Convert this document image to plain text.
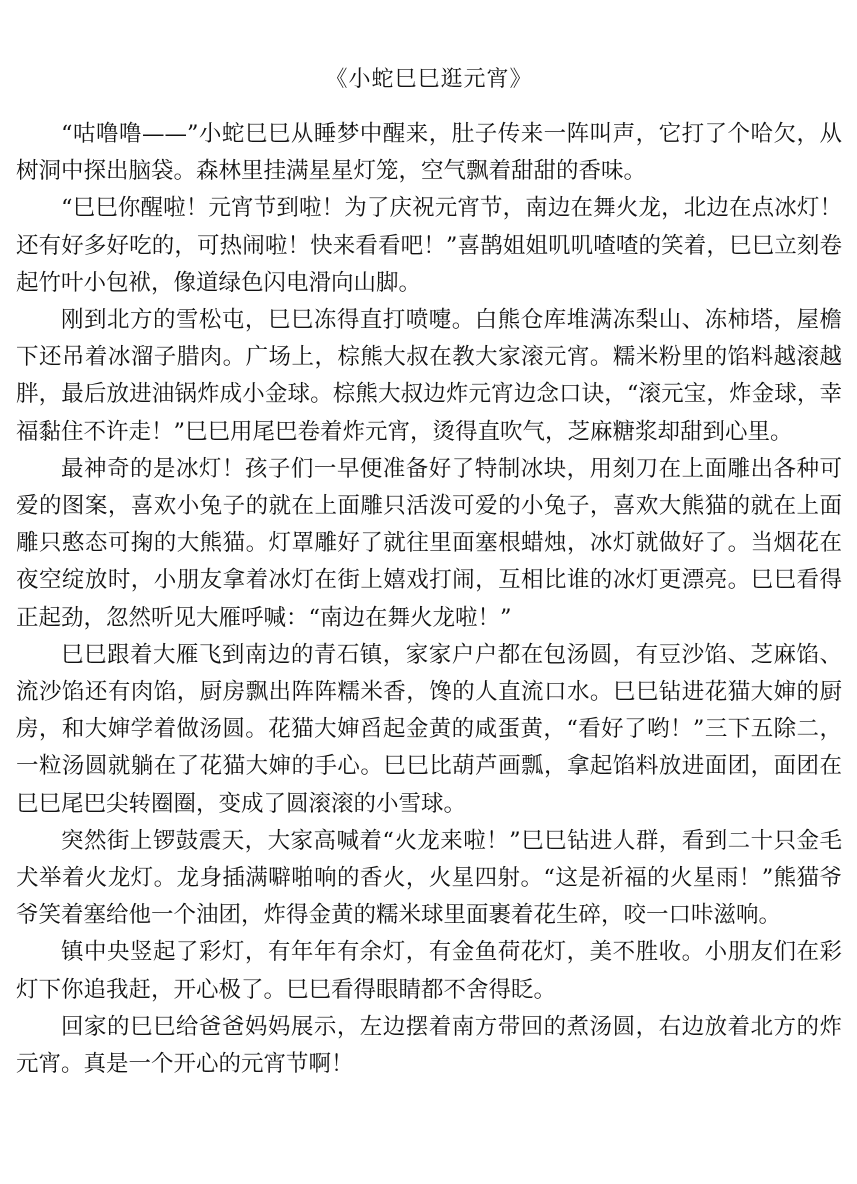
《小蛇巳巳逛元宵》

“咕噜噜——”小蛇巳巳从睡梦中醒来，肚子传来一阵叫声，它打了个哈欠，从树洞中探出脑袋。森林里挂满星星灯笼，空气飘着甜甜的香味。

“巳巳你醒啦！元宵节到啦！为了庆祝元宵节，南边在舞火龙，北边在点冰灯！还有好多好吃的，可热闹啦！快来看看吧！”喜鹊姐姐叽叽喳喳的笑着，巳巳立刻卷起竹叶小包袱，像道绿色闪电滑向山脚。

刚到北方的雪松屯，巳巳冻得直打喷嚏。白熊仓库堆满冻梨山、冻柿塔，屋檐下还吊着冰溜子腊肉。广场上，棕熊大叔在教大家滚元宵。糯米粉里的馅料越滚越胖，最后放进油锅炸成小金球。棕熊大叔边炸元宵边念口诀，“滚元宝，炸金球，幸福黏住不许走！”巳巳用尾巴卷着炸元宵，烫得直吹气，芝麻糖浆却甜到心里。

最神奇的是冰灯！孩子们一早便准备好了特制冰块，用刻刀在上面雕出各种可爱的图案，喜欢小兔子的就在上面雕只活泼可爱的小兔子，喜欢大熊猫的就在上面雕只憨态可掬的大熊猫。灯罩雕好了就往里面塞根蜡烛，冰灯就做好了。当烟花在夜空绽放时，小朋友拿着冰灯在街上嬉戏打闹，互相比谁的冰灯更漂亮。巳巳看得正起劲，忽然听见大雁呼喊：“南边在舞火龙啦！”

巳巳跟着大雁飞到南边的青石镇，家家户户都在包汤圆，有豆沙馅、芝麻馅、流沙馅还有肉馅，厨房飘出阵阵糯米香，馋的人直流口水。巳巳钻进花猫大婶的厨房，和大婶学着做汤圆。花猫大婶舀起金黄的咸蛋黄，“看好了哟！”三下五除二，一粒汤圆就躺在了花猫大婶的手心。巳巳比葫芦画瓢，拿起馅料放进面团，面团在巳巳尾巴尖转圈圈，变成了圆滚滚的小雪球。

突然街上锣鼓震天，大家高喊着“火龙来啦！”巳巳钻进人群，看到二十只金毛犬举着火龙灯。龙身插满噼啪响的香火，火星四射。“这是祈福的火星雨！”熊猫爷爷笑着塞给他一个油团，炸得金黄的糯米球里面裹着花生碎，咬一口咔滋响。

镇中央竖起了彩灯，有年年有余灯，有金鱼荷花灯，美不胜收。小朋友们在彩灯下你追我赶，开心极了。巳巳看得眼睛都不舍得眨。

回家的巳巳给爸爸妈妈展示，左边摆着南方带回的煮汤圆，右边放着北方的炸元宵。真是一个开心的元宵节啊！
